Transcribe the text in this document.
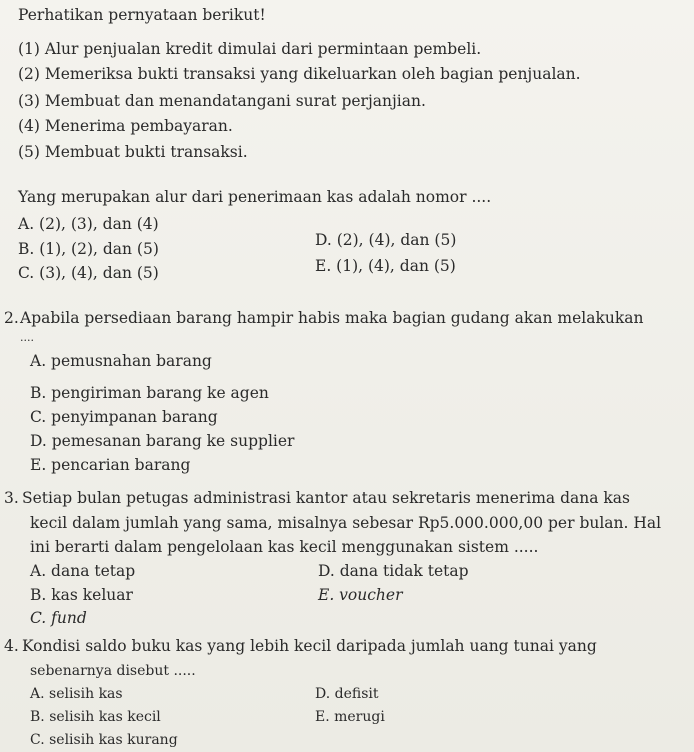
Perhatikan pernyataan berikut!
(1) Alur penjualan kredit dimulai dari permintaan pembeli.
(2) Memeriksa bukti transaksi yang dikeluarkan oleh bagian penjualan.
(3) Membuat dan menandatangani surat perjanjian.
(4) Menerima pembayaran.
(5) Membuat bukti transaksi.
Yang merupakan alur dari penerimaan kas adalah nomor ....
A. (2), (3), dan (4)
B. (1), (2), dan (5)
C. (3), (4), dan (5)
D. (2), (4), dan (5)
E. (1), (4), dan (5)
2. Apabila persediaan barang hampir habis maka bagian gudang akan melakukan
....
A. pemusnahan barang
B. pengiriman barang ke agen
C. penyimpanan barang
D. pemesanan barang ke supplier
E. pencarian barang
3. Setiap bulan petugas administrasi kantor atau sekretaris menerima dana kas
kecil dalam jumlah yang sama, misalnya sebesar Rp5.000.000,00 per bulan. Hal
ini berarti dalam pengelolaan kas kecil menggunakan sistem .....
A. dana tetap
B. kas keluar
C. fund
D. dana tidak tetap
E. voucher
4. Kondisi saldo buku kas yang lebih kecil daripada jumlah uang tunai yang
sebenarnya disebut .....
A. selisih kas
B. selisih kas kecil
C. selisih kas kurang
D. defisit
E. merugi
